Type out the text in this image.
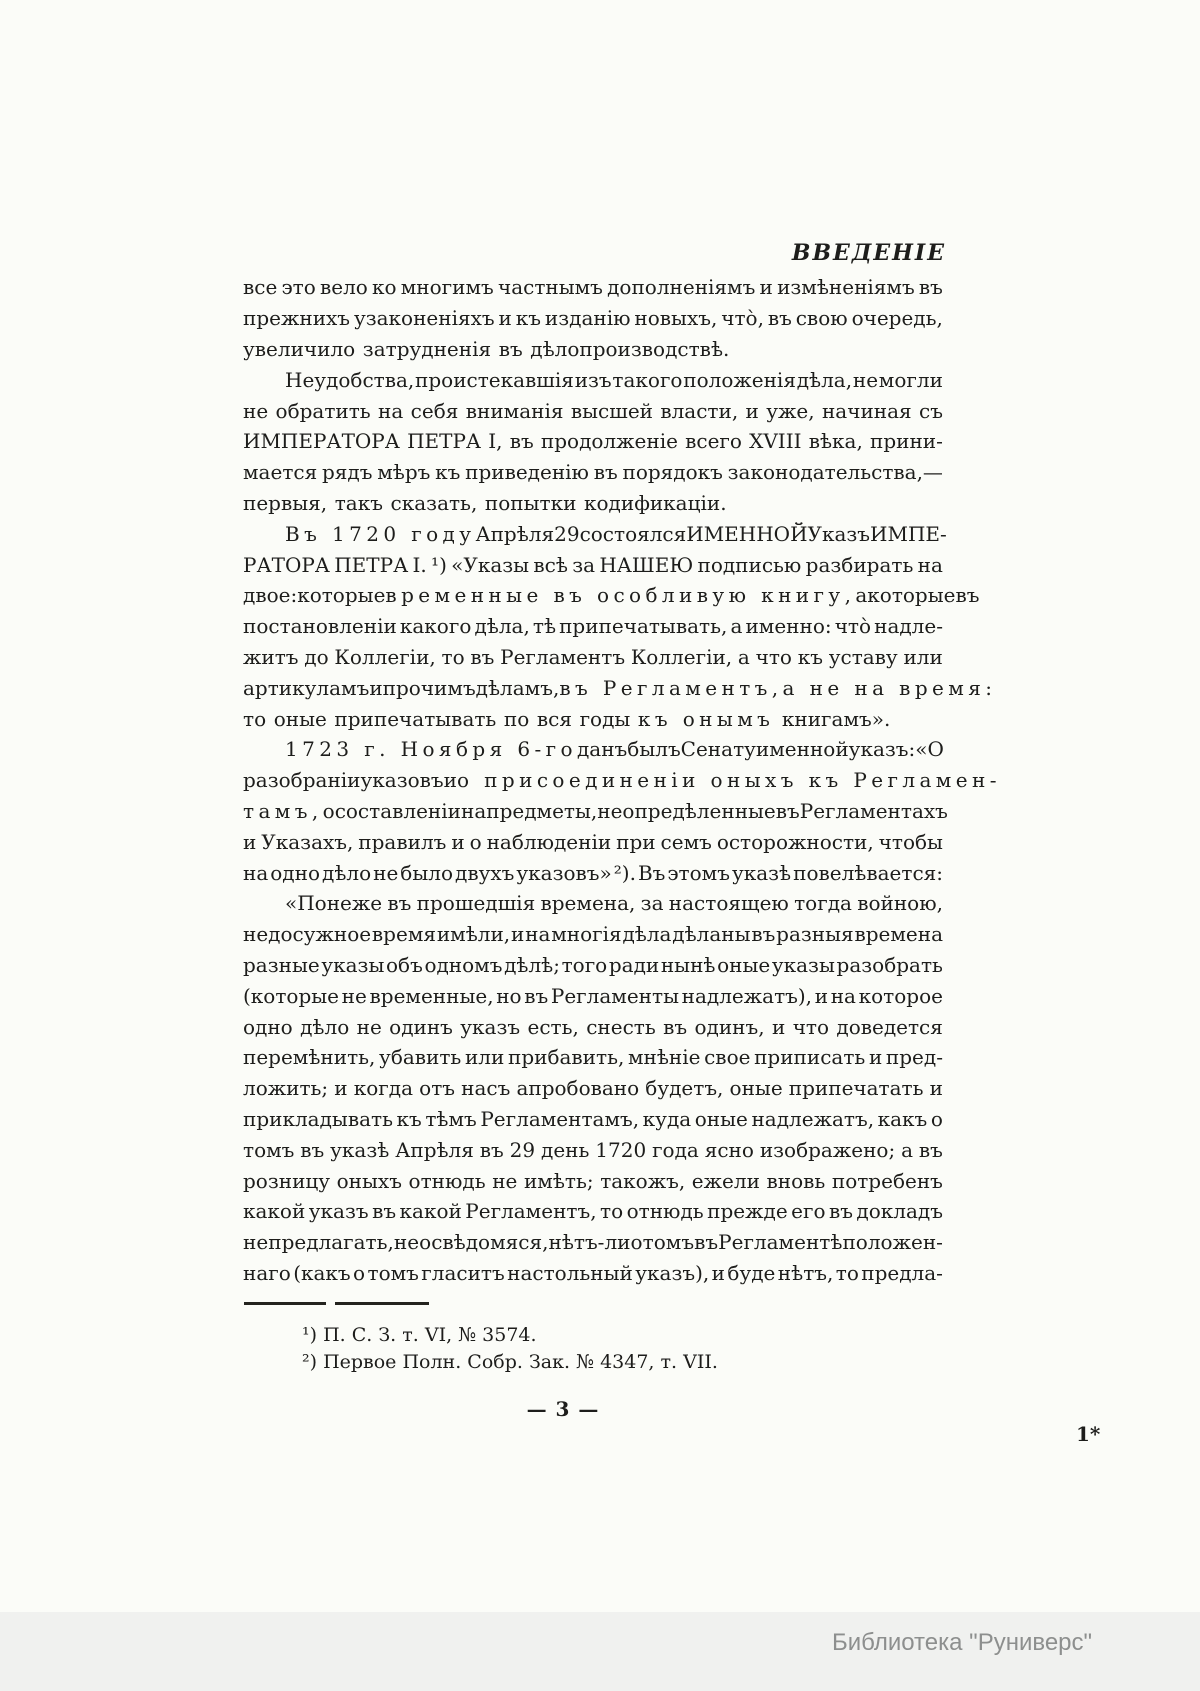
ВВЕДЕНІЕ
все это вело ко многимъ частнымъ дополненіямъ и измѣненіямъ въ
прежнихъ узаконеніяхъ и къ изданію новыхъ, что̀, въ свою очередь,
увеличило затрудненія въ дѣлопроизводствѣ.
Неудобства, проистекавшія изъ такого положенія дѣла, не могли
не обратить на себя вниманія высшей власти, и уже, начиная съ
ИМПЕРАТОРА ПЕТРА I, въ продолженіе всего XVIII вѣка, прини-
мается рядъ мѣръ къ приведенію въ порядокъ законодательства,—
первыя, такъ сказать, попытки кодификаціи.
Въ 1720 году Апрѣля 29 состоялся ИМЕННОЙ Указъ ИМПЕ-
РАТОРА ПЕТРА I. ¹) «Указы всѣ за НАШЕЮ подписью разбирать на
двое: которые временные въ особливую книгу, а которые въ
постановленіи какого дѣла, тѣ припечатывать, а именно: что̀ надле-
житъ до Коллегіи, то въ Регламентъ Коллегіи, а что къ уставу или
артикуламъ и прочимъ дѣламъ, въ Регламентъ, а не на время:
то оные припечатывать по вся годы къ онымъ книгамъ».
1723 г. Ноября 6-го данъ былъ Сенату именной указъ: «О
разобраніи указовъ и о присоединеніи оныхъ къ Регламен-
тамъ, о составленіи на предметы, неопредѣленные въ Регламентахъ
и Указахъ, правилъ и о наблюденіи при семъ осторожности, чтобы
на одно дѣло не было двухъ указовъ» ²). Въ этомъ указѣ повелѣвается:
«Понеже въ прошедшія времена, за настоящею тогда войною,
недосужное время имѣли, и на многія дѣла дѣланы въ разныя времена
разные указы объ одномъ дѣлѣ; того ради нынѣ оные указы разобрать
(которые не временные, но въ Регламенты надлежатъ), и на которое
одно дѣло не одинъ указъ есть, снесть въ одинъ, и что доведется
перемѣнить, убавить или прибавить, мнѣніе свое приписать и пред-
ложить; и когда отъ насъ апробовано будетъ, оные припечатать и
прикладывать къ тѣмъ Регламентамъ, куда оные надлежатъ, какъ о
томъ въ указѣ Апрѣля въ 29 день 1720 года ясно изображено; а въ
розницу оныхъ отнюдь не имѣть; такожъ, ежели вновь потребенъ
какой указъ въ какой Регламентъ, то отнюдь прежде его въ докладъ
не предлагать, не освѣдомяся, нѣтъ-ли о томъ въ Регламентѣ положен-
наго (какъ о томъ гласитъ настольный указъ), и буде нѣтъ, то предла-
¹) П. С. З. т. VI, № 3574.
²) Первое Полн. Собр. Зак. № 4347, т. VII.
— 3 —
1*
Библиотека "Руниверс"
